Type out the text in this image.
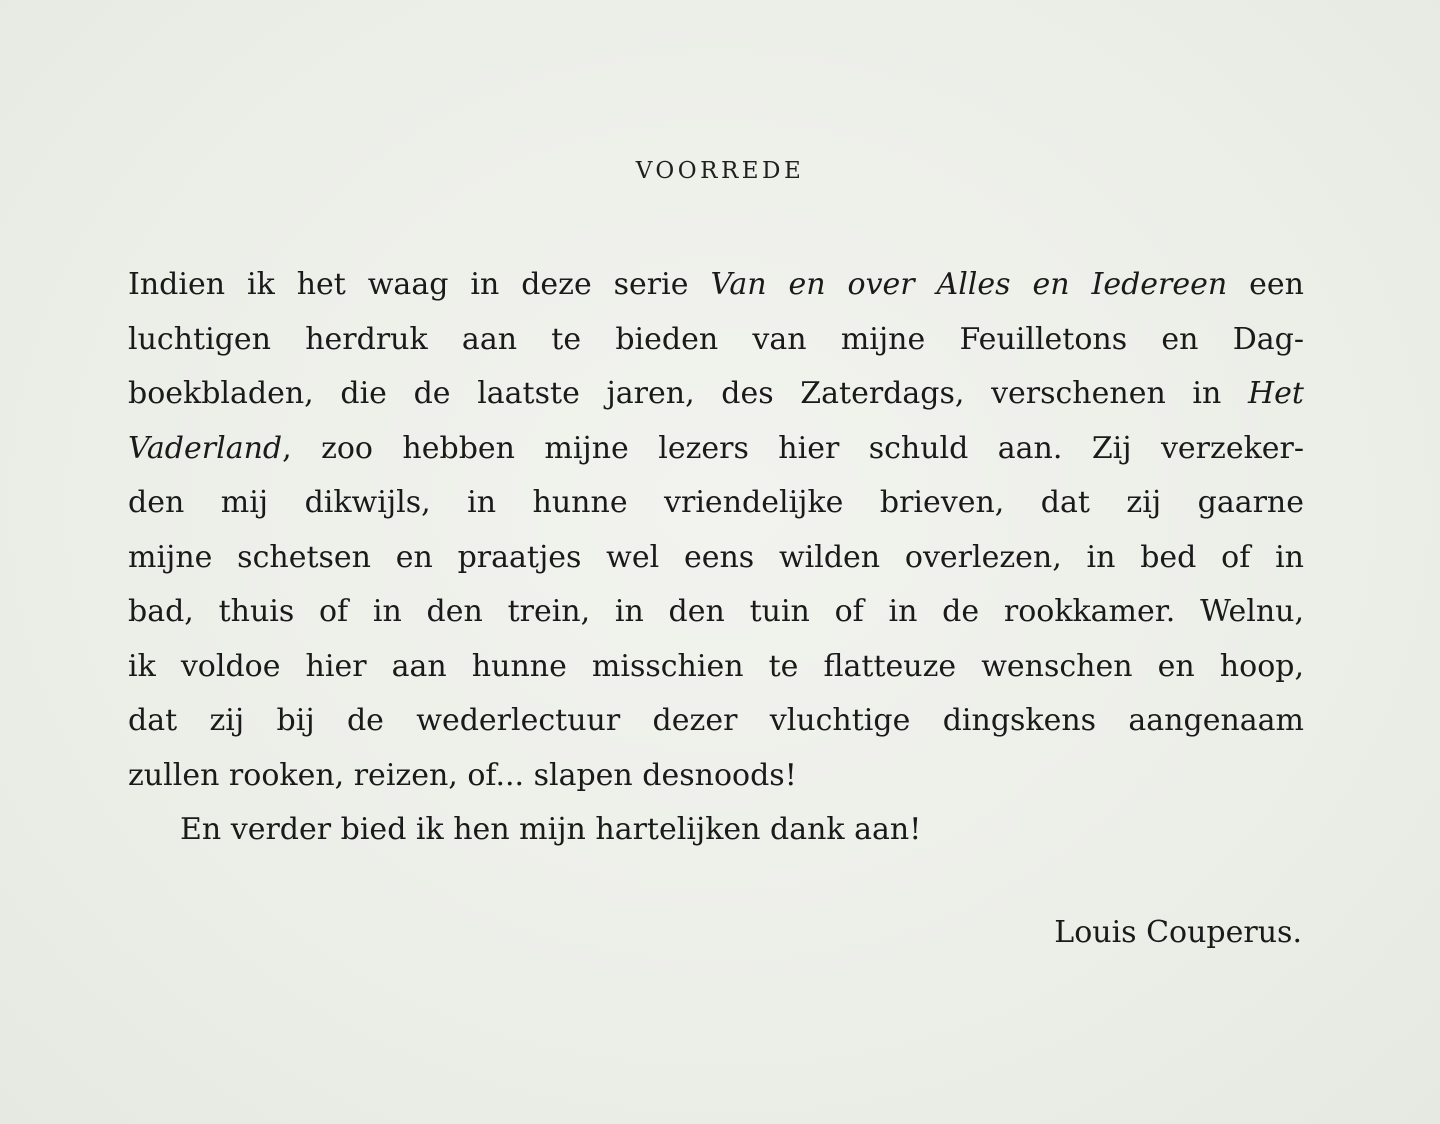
VOORREDE
Indien ik het waag in deze serie Van en over Alles en Iedereen een
luchtigen herdruk aan te bieden van mijne Feuilletons en Dag-
boekbladen, die de laatste jaren, des Zaterdags, verschenen in Het
Vaderland, zoo hebben mijne lezers hier schuld aan. Zij verzeker-
den mij dikwijls, in hunne vriendelijke brieven, dat zij gaarne
mijne schetsen en praatjes wel eens wilden overlezen, in bed of in
bad, thuis of in den trein, in den tuin of in de rookkamer. Welnu,
ik voldoe hier aan hunne misschien te flatteuze wenschen en hoop,
dat zij bij de wederlectuur dezer vluchtige dingskens aangenaam
zullen rooken, reizen, of... slapen desnoods!
En verder bied ik hen mijn hartelijken dank aan!
Louis Couperus.
